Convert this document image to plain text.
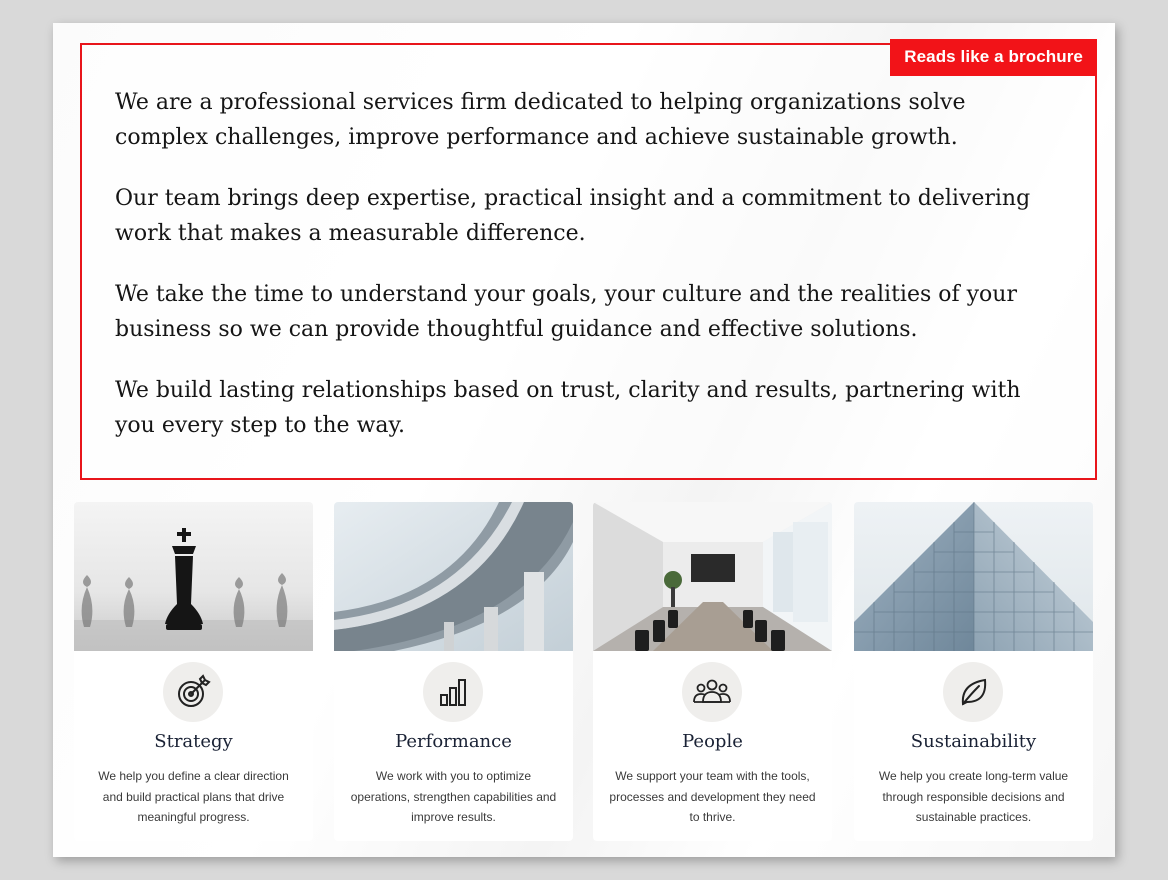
Reads like a brochure

We are a professional services firm dedicated to helping organizations solve complex challenges, improve performance and achieve sustainable growth.

Our team brings deep expertise, practical insight and a commitment to delivering work that makes a measurable difference.

We take the time to understand your goals, your culture and the realities of your business so we can provide thoughtful guidance and effective solutions.

We build lasting relationships based on trust, clarity and results, partnering with you every step to the way.

Strategy
We help you define a clear direction and build practical plans that drive meaningful progress.
Performance
We work with you to optimize operations, strengthen capabilities and improve results.
People
We support your team with the tools, processes and development they need to thrive.
Sustainability
We help you create long-term value through responsible decisions and sustainable practices.
